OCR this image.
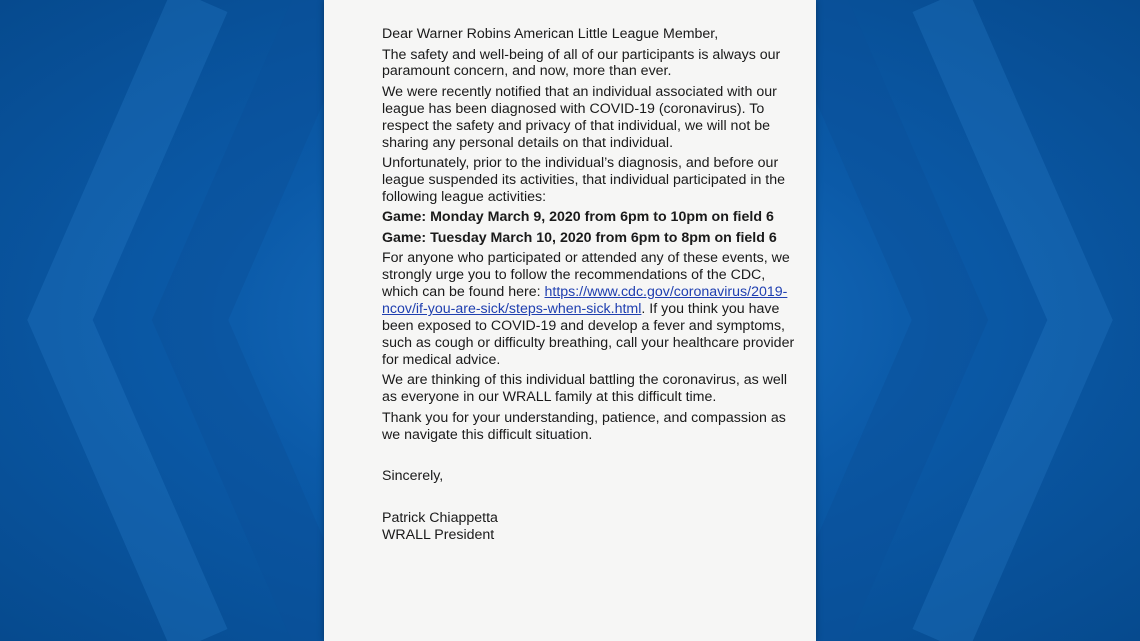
Dear Warner Robins American Little League Member,

The safety and well-being of all of our participants is always our paramount concern, and now, more than ever.

We were recently notified that an individual associated with our league has been diagnosed with COVID-19 (coronavirus). To respect the safety and privacy of that individual, we will not be sharing any personal details on that individual.

Unfortunately, prior to the individual’s diagnosis, and before our league suspended its activities, that individual participated in the following league activities:

Game: Monday March 9, 2020 from 6pm to 10pm on field 6

Game: Tuesday March 10, 2020 from 6pm to 8pm on field 6

For anyone who participated or attended any of these events, we strongly urge you to follow the recommendations of the CDC, which can be found here: https://www.cdc.gov/coronavirus/2019-ncov/if-you-are-sick/steps-when-sick.html. If you think you have been exposed to COVID-19 and develop a fever and symptoms, such as cough or difficulty breathing, call your healthcare provider for medical advice.

We are thinking of this individual battling the coronavirus, as well as everyone in our WRALL family at this difficult time.

Thank you for your understanding, patience, and compassion as we navigate this difficult situation.

Sincerely,

Patrick Chiappetta

WRALL President
